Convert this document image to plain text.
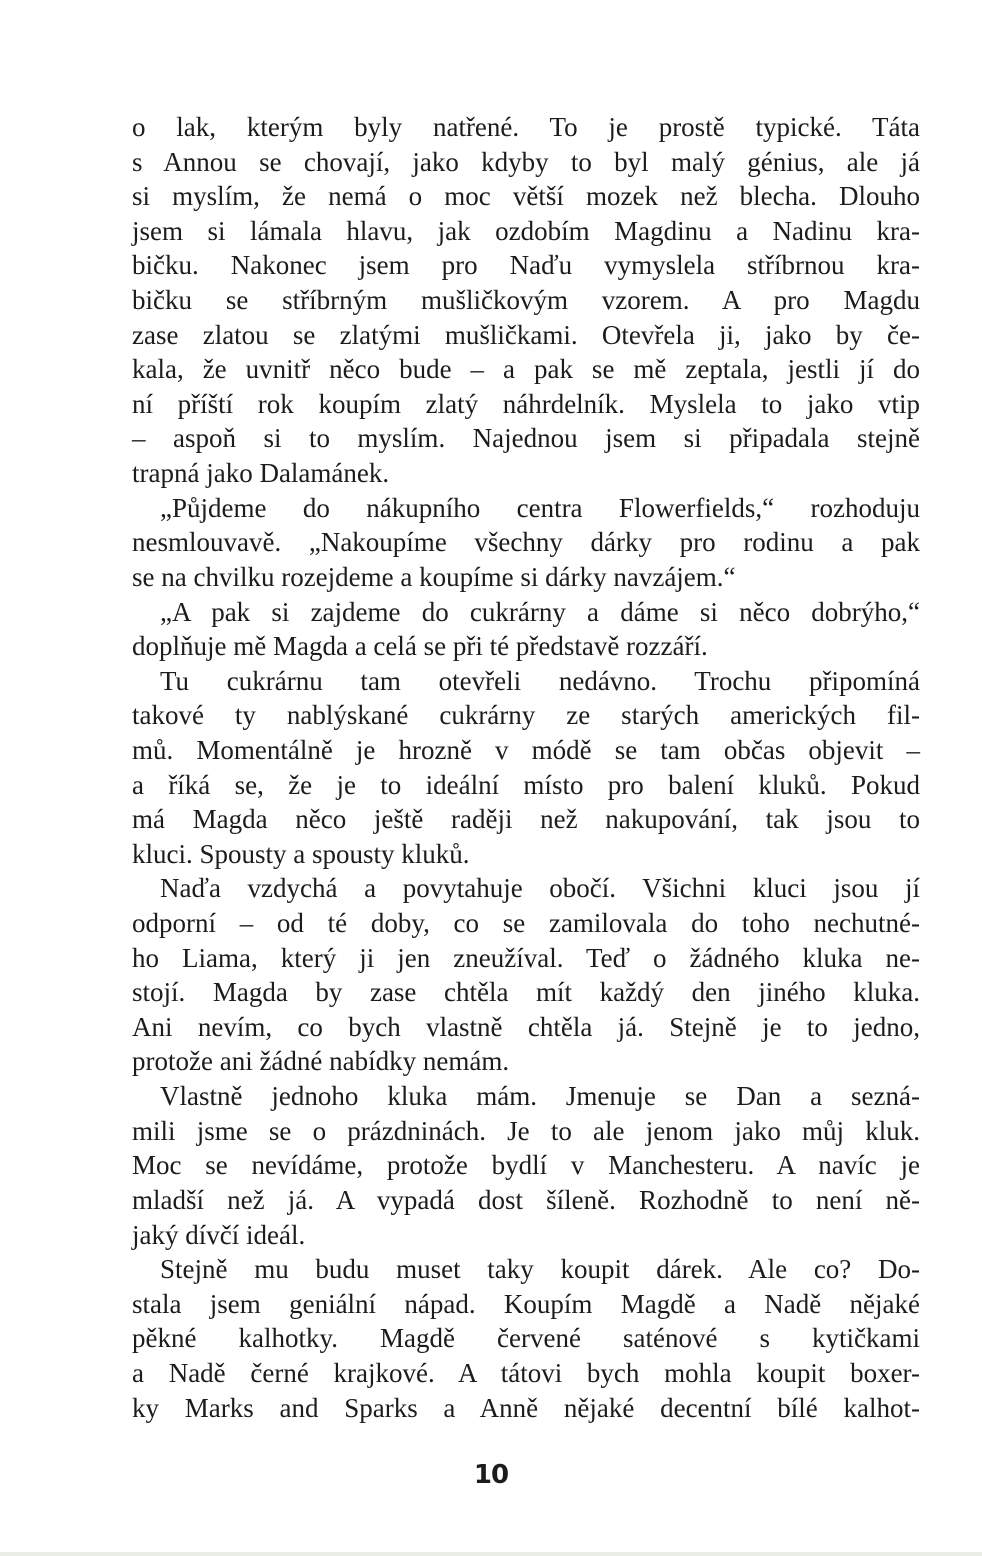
o lak, kterým byly natřené. To je prostě typické. Táta
s Annou se chovají, jako kdyby to byl malý génius, ale já
si myslím, že nemá o moc větší mozek než blecha. Dlouho
jsem si lámala hlavu, jak ozdobím Magdinu a Nadinu kra-
bičku. Nakonec jsem pro Naďu vymyslela stříbrnou kra-
bičku se stříbrným mušličkovým vzorem. A pro Magdu
zase zlatou se zlatými mušličkami. Otevřela ji, jako by če-
kala, že uvnitř něco bude – a pak se mě zeptala, jestli jí do
ní příští rok koupím zlatý náhrdelník. Myslela to jako vtip
– aspoň si to myslím. Najednou jsem si připadala stejně
trapná jako Dalamánek.
„Půjdeme do nákupního centra Flowerfields,“ rozhoduju
nesmlouvavě. „Nakoupíme všechny dárky pro rodinu a pak
se na chvilku rozejdeme a koupíme si dárky navzájem.“
„A pak si zajdeme do cukrárny a dáme si něco dobrýho,“
doplňuje mě Magda a celá se při té představě rozzáří.
Tu cukrárnu tam otevřeli nedávno. Trochu připomíná
takové ty nablýskané cukrárny ze starých amerických fil-
mů. Momentálně je hrozně v módě se tam občas objevit –
a říká se, že je to ideální místo pro balení kluků. Pokud
má Magda něco ještě raději než nakupování, tak jsou to
kluci. Spousty a spousty kluků.
Naďa vzdychá a povytahuje obočí. Všichni kluci jsou jí
odporní – od té doby, co se zamilovala do toho nechutné-
ho Liama, který ji jen zneužíval. Teď o žádného kluka ne-
stojí. Magda by zase chtěla mít každý den jiného kluka.
Ani nevím, co bych vlastně chtěla já. Stejně je to jedno,
protože ani žádné nabídky nemám.
Vlastně jednoho kluka mám. Jmenuje se Dan a sezná-
mili jsme se o prázdninách. Je to ale jenom jako můj kluk.
Moc se nevídáme, protože bydlí v Manchesteru. A navíc je
mladší než já. A vypadá dost šíleně. Rozhodně to není ně-
jaký dívčí ideál.
Stejně mu budu muset taky koupit dárek. Ale co? Do-
stala jsem geniální nápad. Koupím Magdě a Nadě nějaké
pěkné kalhotky. Magdě červené saténové s kytičkami
a Nadě černé krajkové. A tátovi bych mohla koupit boxer-
ky Marks and Sparks a Anně nějaké decentní bílé kalhot-
10
